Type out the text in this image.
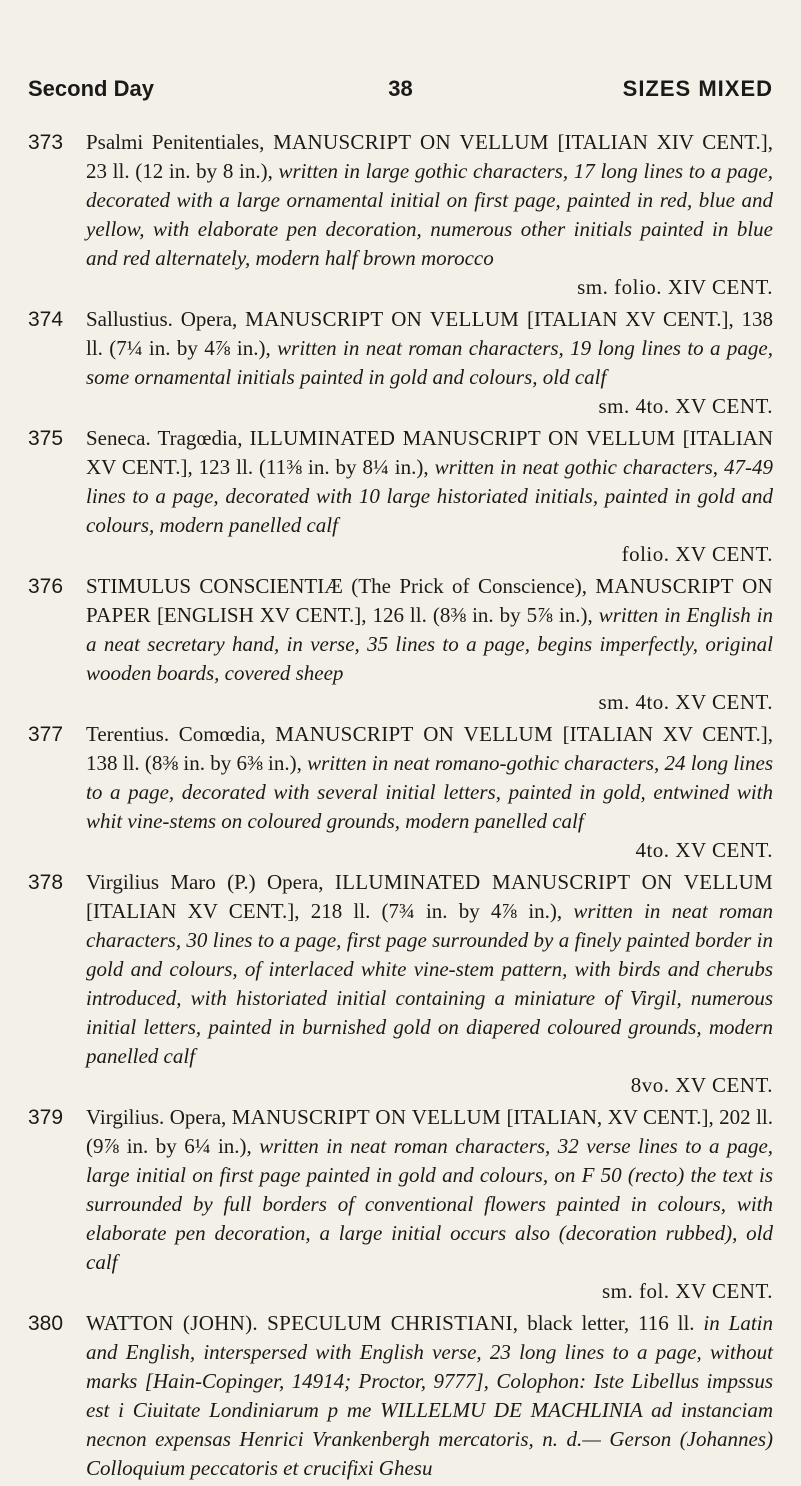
Second Day	38	SIZES MIXED
373 Psalmi Penitentiales, MANUSCRIPT ON VELLUM [ITALIAN XIV CENT.], 23 ll. (12 in. by 8 in.), written in large gothic characters, 17 long lines to a page, decorated with a large ornamental initial on first page, painted in red, blue and yellow, with elaborate pen decoration, numerous other initials painted in blue and red alternately, modern half brown morocco
sm. folio. XIV CENT.
374 Sallustius. Opera, MANUSCRIPT ON VELLUM [ITALIAN XV CENT.], 138 ll. (7¼ in. by 4⅞ in.), written in neat roman characters, 19 long lines to a page, some ornamental initials painted in gold and colours, old calf
sm. 4to. XV CENT.
375 Seneca. Tragœdia, ILLUMINATED MANUSCRIPT ON VELLUM [ITALIAN XV CENT.], 123 ll. (11⅜ in. by 8¼ in.), written in neat gothic characters, 47-49 lines to a page, decorated with 10 large historiated initials, painted in gold and colours, modern panelled calf
folio. XV CENT.
376 STIMULUS CONSCIENTIÆ (The Prick of Conscience), MANUSCRIPT ON PAPER [ENGLISH XV CENT.], 126 ll. (8⅜ in. by 5⅞ in.), written in English in a neat secretary hand, in verse, 35 lines to a page, begins imperfectly, original wooden boards, covered sheep
sm. 4to. XV CENT.
377 Terentius. Comœdia, MANUSCRIPT ON VELLUM [ITALIAN XV CENT.], 138 ll. (8⅜ in. by 6⅜ in.), written in neat romano-gothic characters, 24 long lines to a page, decorated with several initial letters, painted in gold, entwined with whit vine-stems on coloured grounds, modern panelled calf
4to. XV CENT.
378 Virgilius Maro (P.) Opera, ILLUMINATED MANUSCRIPT ON VELLUM [ITALIAN XV CENT.], 218 ll. (7¾ in. by 4⅞ in.), written in neat roman characters, 30 lines to a page, first page surrounded by a finely painted border in gold and colours, of interlaced white vine-stem pattern, with birds and cherubs introduced, with historiated initial containing a miniature of Virgil, numerous initial letters, painted in burnished gold on diapered coloured grounds, modern panelled calf
8vo. XV CENT.
379 Virgilius. Opera, MANUSCRIPT ON VELLUM [ITALIAN, XV CENT.], 202 ll. (9⅞ in. by 6¼ in.), written in neat roman characters, 32 verse lines to a page, large initial on first page painted in gold and colours, on F 50 (recto) the text is surrounded by full borders of conventional flowers painted in colours, with elaborate pen decoration, a large initial occurs also (decoration rubbed), old calf
sm. fol. XV CENT.
380 WATTON (JOHN). SPECULUM CHRISTIANI, black letter, 116 ll. in Latin and English, interspersed with English verse, 23 long lines to a page, without marks [Hain-Copinger, 14914; Proctor, 9777], Colophon: Iste Libellus impssus est i Ciuitate Londiniarum p me WILLELMU DE MACHLINIA ad instanciam necnon expensas Henrici Vrankenbergh mercatoris, n. d.— Gerson (Johannes) Colloquium peccatoris et crucifixi Ghesu
